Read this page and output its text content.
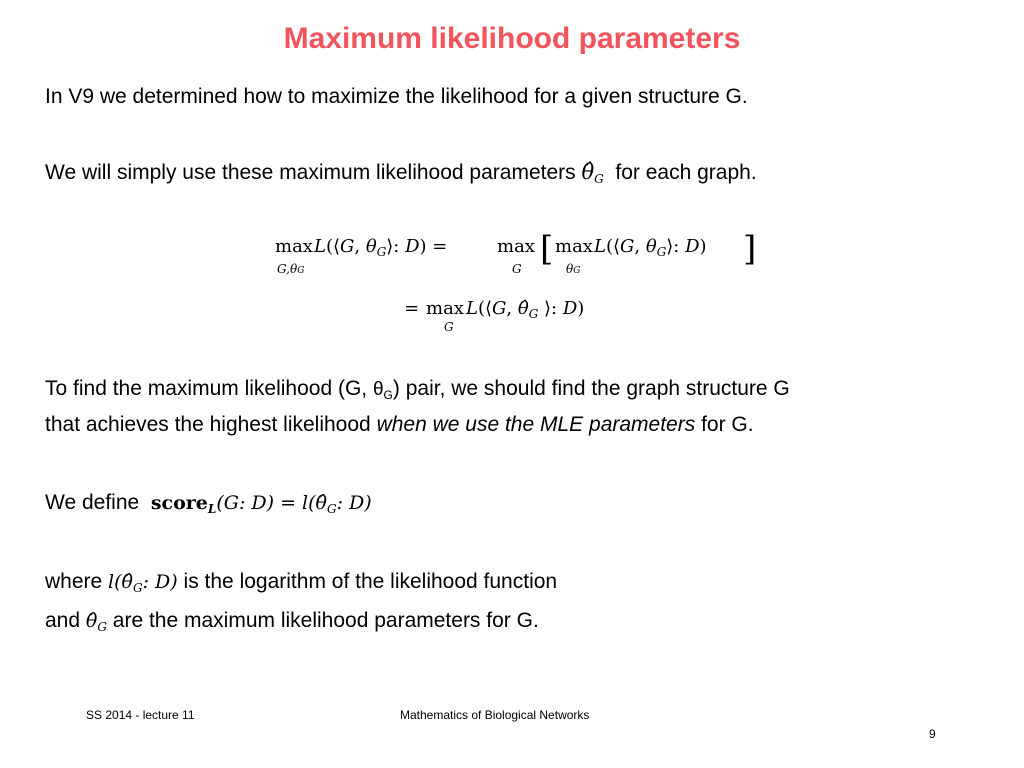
Maximum likelihood parameters
In V9 we determined how to maximize the likelihood for a given structure G.
We will simply use these maximum likelihood parameters $\thetâ_G$ for each graph.
max
G,θG
L(⟨G, $\theta_G⟩$: D) =	max
G [ max
θG
L(⟨G, $\theta_G⟩$: D) ]
= max
G
L(⟨G, $\thetâ_G$ ⟩: D)
To find the maximum likelihood (G, $\theta_G$) pair, we should find the graph structure G
that achieves the highest likelihood when we use the MLE parameters for G.
We define score$_L$(G: $D) = l(\thetâ_G$: D)
where $l(\thetâ_G$: D) is the logarithm of the likelihood function
and $\thetâ_G$ are the maximum likelihood parameters for G.
SS 2014 - lecture 11	Mathematics of Biological Networks
9
